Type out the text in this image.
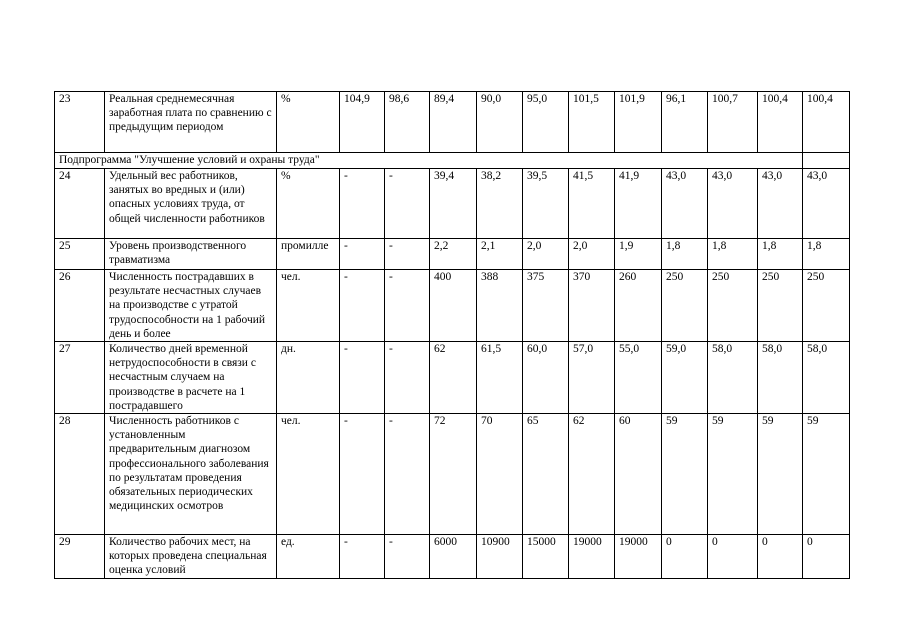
23	Реальная среднемесячная заработная плата по сравнению с предыдущим периодом	%	104,9	98,6	89,4	90,0	95,0	101,5	101,9	96,1	100,7	100,4	100,4
Подпрограмма "Улучшение условий и охраны труда"													
24	Удельный вес работников, занятых во вредных и (или) опасных условиях труда, от общей численности работников	%	-	-	39,4	38,2	39,5	41,5	41,9	43,0	43,0	43,0	43,0
25	Уровень производственного травматизма	промилле	-	-	2,2	2,1	2,0	2,0	1,9	1,8	1,8	1,8	1,8
26	Численность пострадавших в результате несчастных случаев на производстве с утратой трудоспособности на 1 рабочий день и более	чел.	-	-	400	388	375	370	260	250	250	250	250
27	Количество дней временной нетрудоспособности в связи с несчастным случаем на производстве в расчете на 1 пострадавшего	дн.	-	-	62	61,5	60,0	57,0	55,0	59,0	58,0	58,0	58,0
28	Численность работников с установленным предварительным диагнозом профессионального заболевания по результатам проведения обязательных периодических медицинских осмотров	чел.	-	-	72	70	65	62	60	59	59	59	59
29	Количество рабочих мест, на которых проведена специальная оценка условий	ед.	-	-	6000	10900	15000	19000	19000	0	0	0	0
